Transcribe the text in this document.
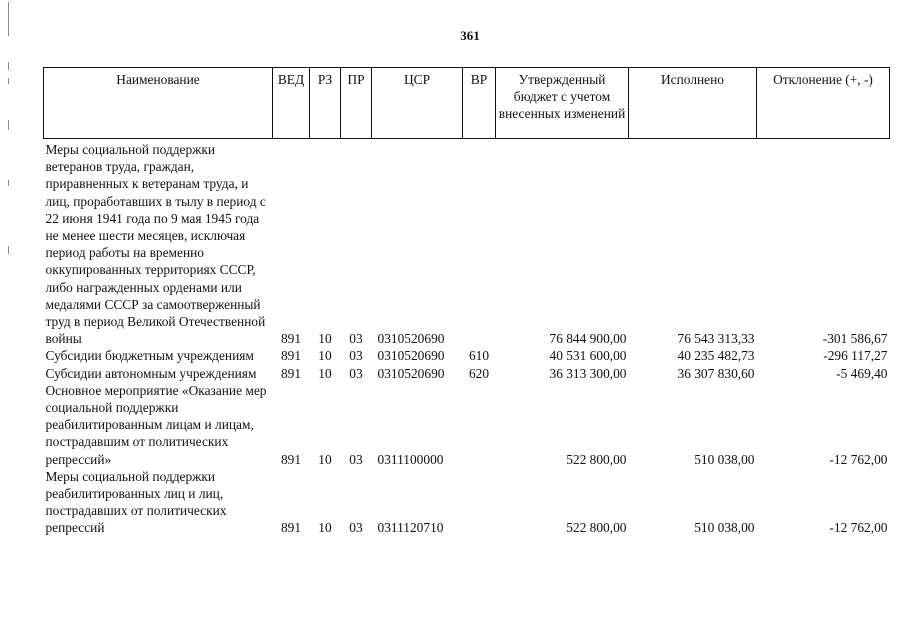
361
Наименование	ВЕД	РЗ	ПР	ЦСР	ВР	Утвержденный бюджет с учетом внесенных изменений	Исполнено	Отклонение (+, -)
Меры социальной поддержки ветеранов труда, граждан, приравненных к ветеранам труда, и лиц, проработавших в тылу в период с 22 июня 1941 года по 9 мая 1945 года не менее шести месяцев, исключая период работы на временно оккупированных территориях СССР, либо награжденных орденами или медалями СССР за самоотверженный труд в период Великой Отечественной войны	891	10	03	0310520690		76 844 900,00	76 543 313,33	-301 586,67
Субсидии бюджетным учреждениям	891	10	03	0310520690	610	40 531 600,00	40 235 482,73	-296 117,27
Субсидии автономным учреждениям	891	10	03	0310520690	620	36 313 300,00	36 307 830,60	-5 469,40
Основное мероприятие «Оказание мер социальной поддержки реабилитированным лицам и лицам, пострадавшим от политических репрессий»	891	10	03	0311100000		522 800,00	510 038,00	-12 762,00
Меры социальной поддержки реабилитированных лиц и лиц, пострадавших от политических репрессий	891	10	03	0311120710		522 800,00	510 038,00	-12 762,00
